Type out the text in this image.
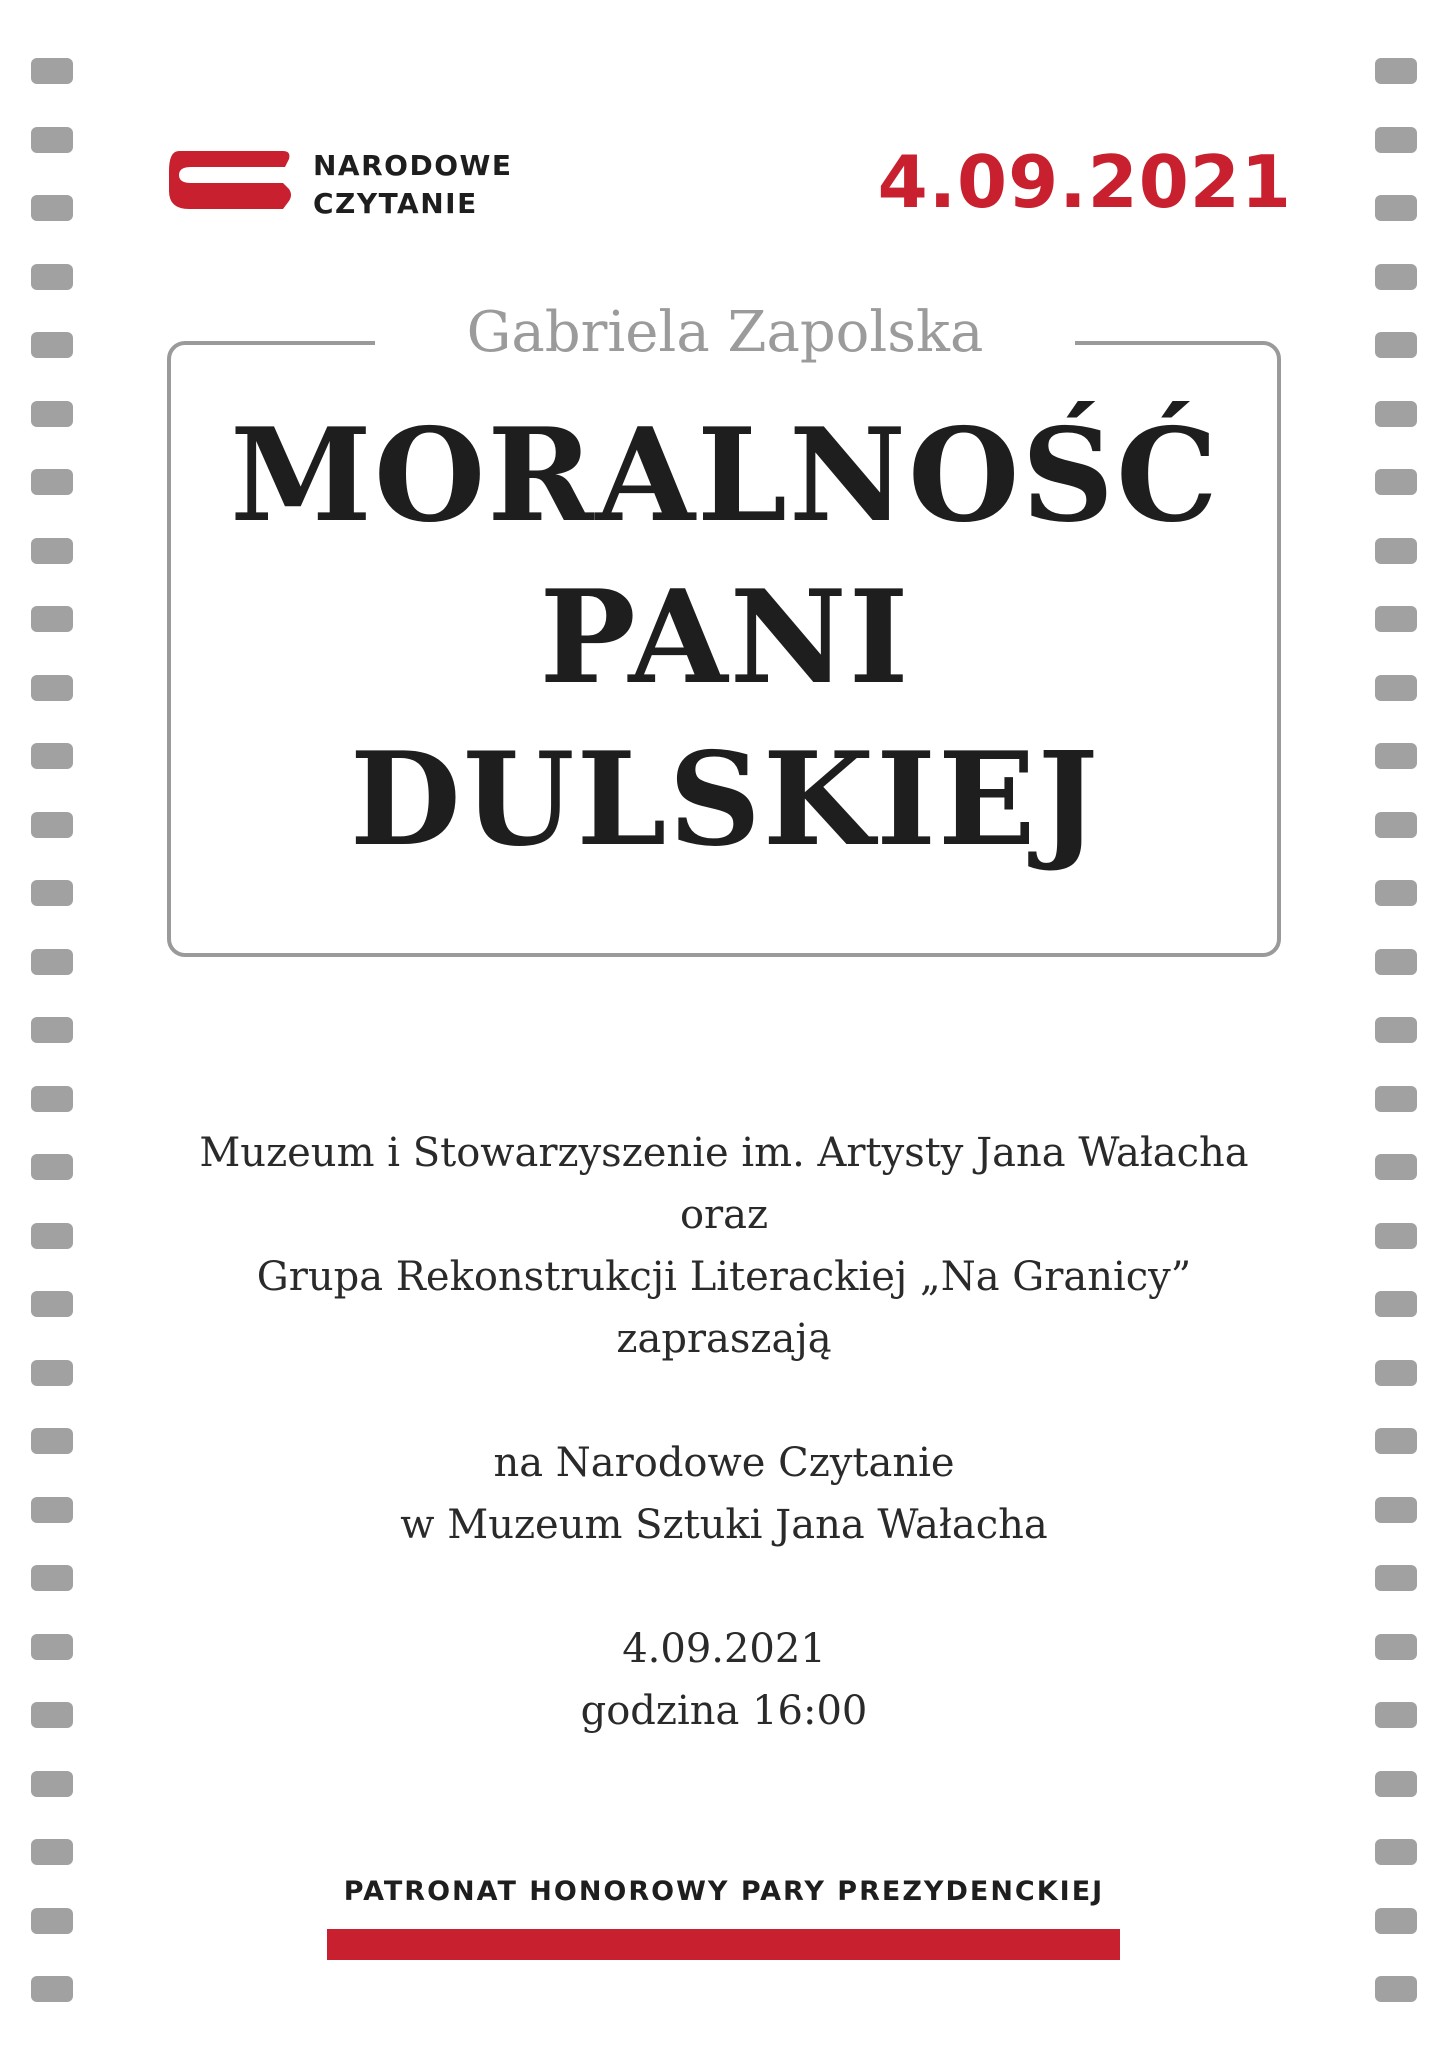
NARODOWE
CZYTANIE	4.09.2021
Gabriela Zapolska
MORALNOŚĆ
PANI
DULSKIEJ
Muzeum i Stowarzyszenie im. Artysty Jana Wałacha
oraz
Grupa Rekonstrukcji Literackiej „Na Granicy”
zapraszają
na Narodowe Czytanie
w Muzeum Sztuki Jana Wałacha
4.09.2021
godzina 16:00
PATRONAT HONOROWY PARY PREZYDENCKIEJ
